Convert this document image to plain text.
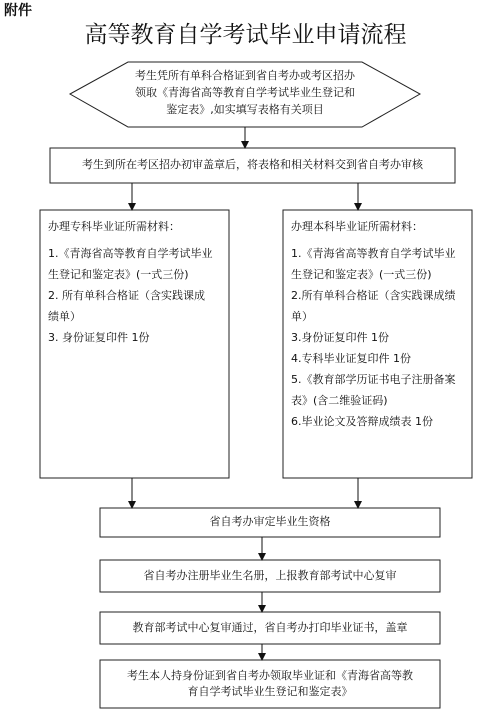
附件
高等教育自学考试毕业申请流程
考生凭所有单科合格证到省自考办或考区招办
领取《青海省高等教育自学考试毕业生登记和
鉴定表》,如实填写表格有关项目
考生到所在考区招办初审盖章后，将表格和相关材料交到省自考办审核
办理专科毕业证所需材料：
1.《青海省高等教育自学考试毕业
生登记和鉴定表》(一式三份)
2. 所有单科合格证（含实践课成
绩单）
3. 身份证复印件 1份
办理本科毕业证所需材料：
1.《青海省高等教育自学考试毕业
生登记和鉴定表》(一式三份)
2.所有单科合格证（含实践课成绩
单）
3.身份证复印件 1份
4.专科毕业证复印件 1份
5.《教育部学历证书电子注册备案
表》(含二维验证码)
6.毕业论文及答辩成绩表 1份
省自考办审定毕业生资格
省自考办注册毕业生名册，上报教育部考试中心复审
教育部考试中心复审通过，省自考办打印毕业证书，盖章
考生本人持身份证到省自考办领取毕业证和《青海省高等教
育自学考试毕业生登记和鉴定表》
